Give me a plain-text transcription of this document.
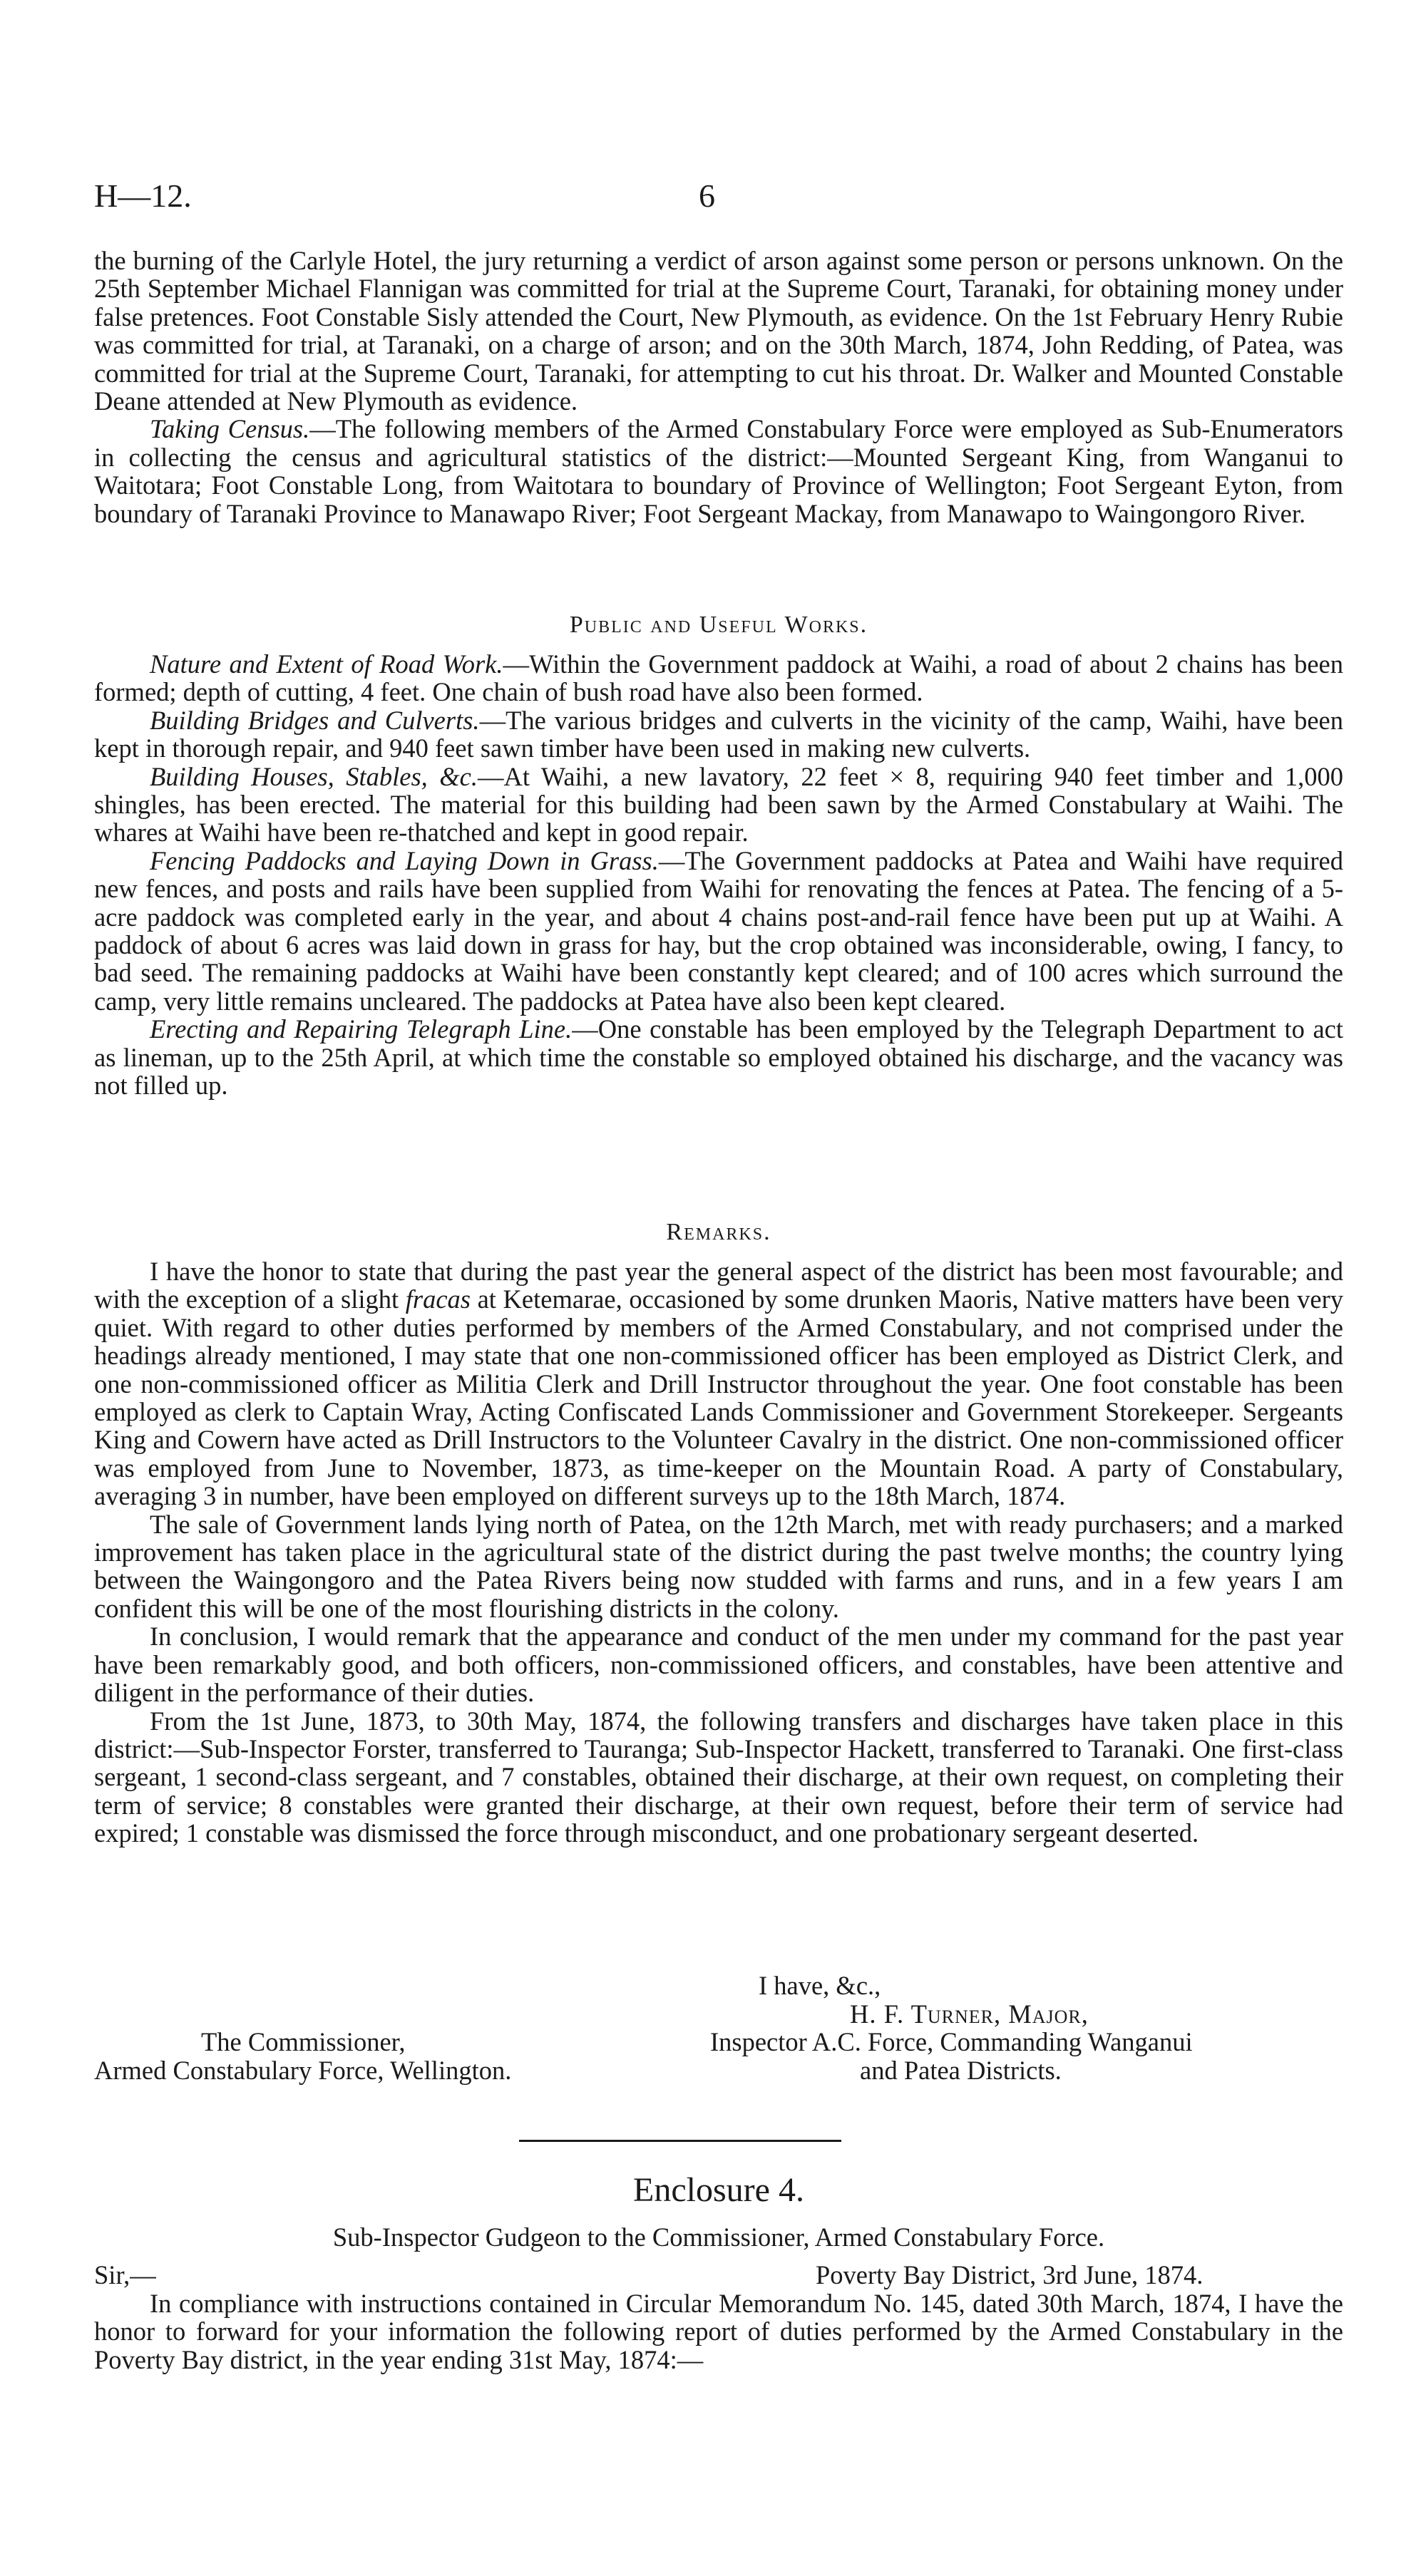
H—12.	6

the burning of the Carlyle Hotel, the jury returning a verdict of arson against some person or persons unknown. On the 25th September Michael Flannigan was committed for trial at the Supreme Court, Taranaki, for obtaining money under false pretences. Foot Constable Sisly attended the Court, New Plymouth, as evidence. On the 1st February Henry Rubie was committed for trial, at Taranaki, on a charge of arson; and on the 30th March, 1874, John Redding, of Patea, was committed for trial at the Supreme Court, Taranaki, for attempting to cut his throat. Dr. Walker and Mounted Constable Deane attended at New Plymouth as evidence.

Taking Census.—The following members of the Armed Constabulary Force were employed as Sub-Enumerators in collecting the census and agricultural statistics of the district:—Mounted Sergeant King, from Wanganui to Waitotara; Foot Constable Long, from Waitotara to boundary of Province of Wellington; Foot Sergeant Eyton, from boundary of Taranaki Province to Manawapo River; Foot Sergeant Mackay, from Manawapo to Waingongoro River.

Public and Useful Works.

Nature and Extent of Road Work.—Within the Government paddock at Waihi, a road of about 2 chains has been formed; depth of cutting, 4 feet. One chain of bush road have also been formed.

Building Bridges and Culverts.—The various bridges and culverts in the vicinity of the camp, Waihi, have been kept in thorough repair, and 940 feet sawn timber have been used in making new culverts.

Building Houses, Stables, &c.—At Waihi, a new lavatory, 22 feet × 8, requiring 940 feet timber and 1,000 shingles, has been erected. The material for this building had been sawn by the Armed Constabulary at Waihi. The whares at Waihi have been re-thatched and kept in good repair.

Fencing Paddocks and Laying Down in Grass.—The Government paddocks at Patea and Waihi have required new fences, and posts and rails have been supplied from Waihi for renovating the fences at Patea. The fencing of a 5-acre paddock was completed early in the year, and about 4 chains post-and-rail fence have been put up at Waihi. A paddock of about 6 acres was laid down in grass for hay, but the crop obtained was inconsiderable, owing, I fancy, to bad seed. The remaining paddocks at Waihi have been constantly kept cleared; and of 100 acres which surround the camp, very little remains uncleared. The paddocks at Patea have also been kept cleared.

Erecting and Repairing Telegraph Line.—One constable has been employed by the Telegraph Department to act as lineman, up to the 25th April, at which time the constable so employed obtained his discharge, and the vacancy was not filled up.

Remarks.

I have the honor to state that during the past year the general aspect of the district has been most favourable; and with the exception of a slight fracas at Ketemarae, occasioned by some drunken Maoris, Native matters have been very quiet. With regard to other duties performed by members of the Armed Constabulary, and not comprised under the headings already mentioned, I may state that one non-commissioned officer has been employed as District Clerk, and one non-commissioned officer as Militia Clerk and Drill Instructor throughout the year. One foot constable has been employed as clerk to Captain Wray, Acting Confiscated Lands Commissioner and Government Storekeeper. Sergeants King and Cowern have acted as Drill Instructors to the Volunteer Cavalry in the district. One non-commissioned officer was employed from June to November, 1873, as time-keeper on the Mountain Road. A party of Constabulary, averaging 3 in number, have been employed on different surveys up to the 18th March, 1874.

The sale of Government lands lying north of Patea, on the 12th March, met with ready purchasers; and a marked improvement has taken place in the agricultural state of the district during the past twelve months; the country lying between the Waingongoro and the Patea Rivers being now studded with farms and runs, and in a few years I am confident this will be one of the most flourishing districts in the colony.

In conclusion, I would remark that the appearance and conduct of the men under my command for the past year have been remarkably good, and both officers, non-commissioned officers, and constables, have been attentive and diligent in the performance of their duties.

From the 1st June, 1873, to 30th May, 1874, the following transfers and discharges have taken place in this district:—Sub-Inspector Forster, transferred to Tauranga; Sub-Inspector Hackett, transferred to Taranaki. One first-class sergeant, 1 second-class sergeant, and 7 constables, obtained their discharge, at their own request, on completing their term of service; 8 constables were granted their discharge, at their own request, before their term of service had expired; 1 constable was dismissed the force through misconduct, and one probationary sergeant deserted.

I have, &c.,
H. F. Turner, Major,
Inspector A.C. Force, Commanding Wanganui
and Patea Districts.
The Commissioner,
Armed Constabulary Force, Wellington.
Enclosure 4.
Sub-Inspector Gudgeon to the Commissioner, Armed Constabulary Force.
Sir,—	Poverty Bay District, 3rd June, 1874.

In compliance with instructions contained in Circular Memorandum No. 145, dated 30th March, 1874, I have the honor to forward for your information the following report of duties performed by the Armed Constabulary in the Poverty Bay district, in the year ending 31st May, 1874:—
